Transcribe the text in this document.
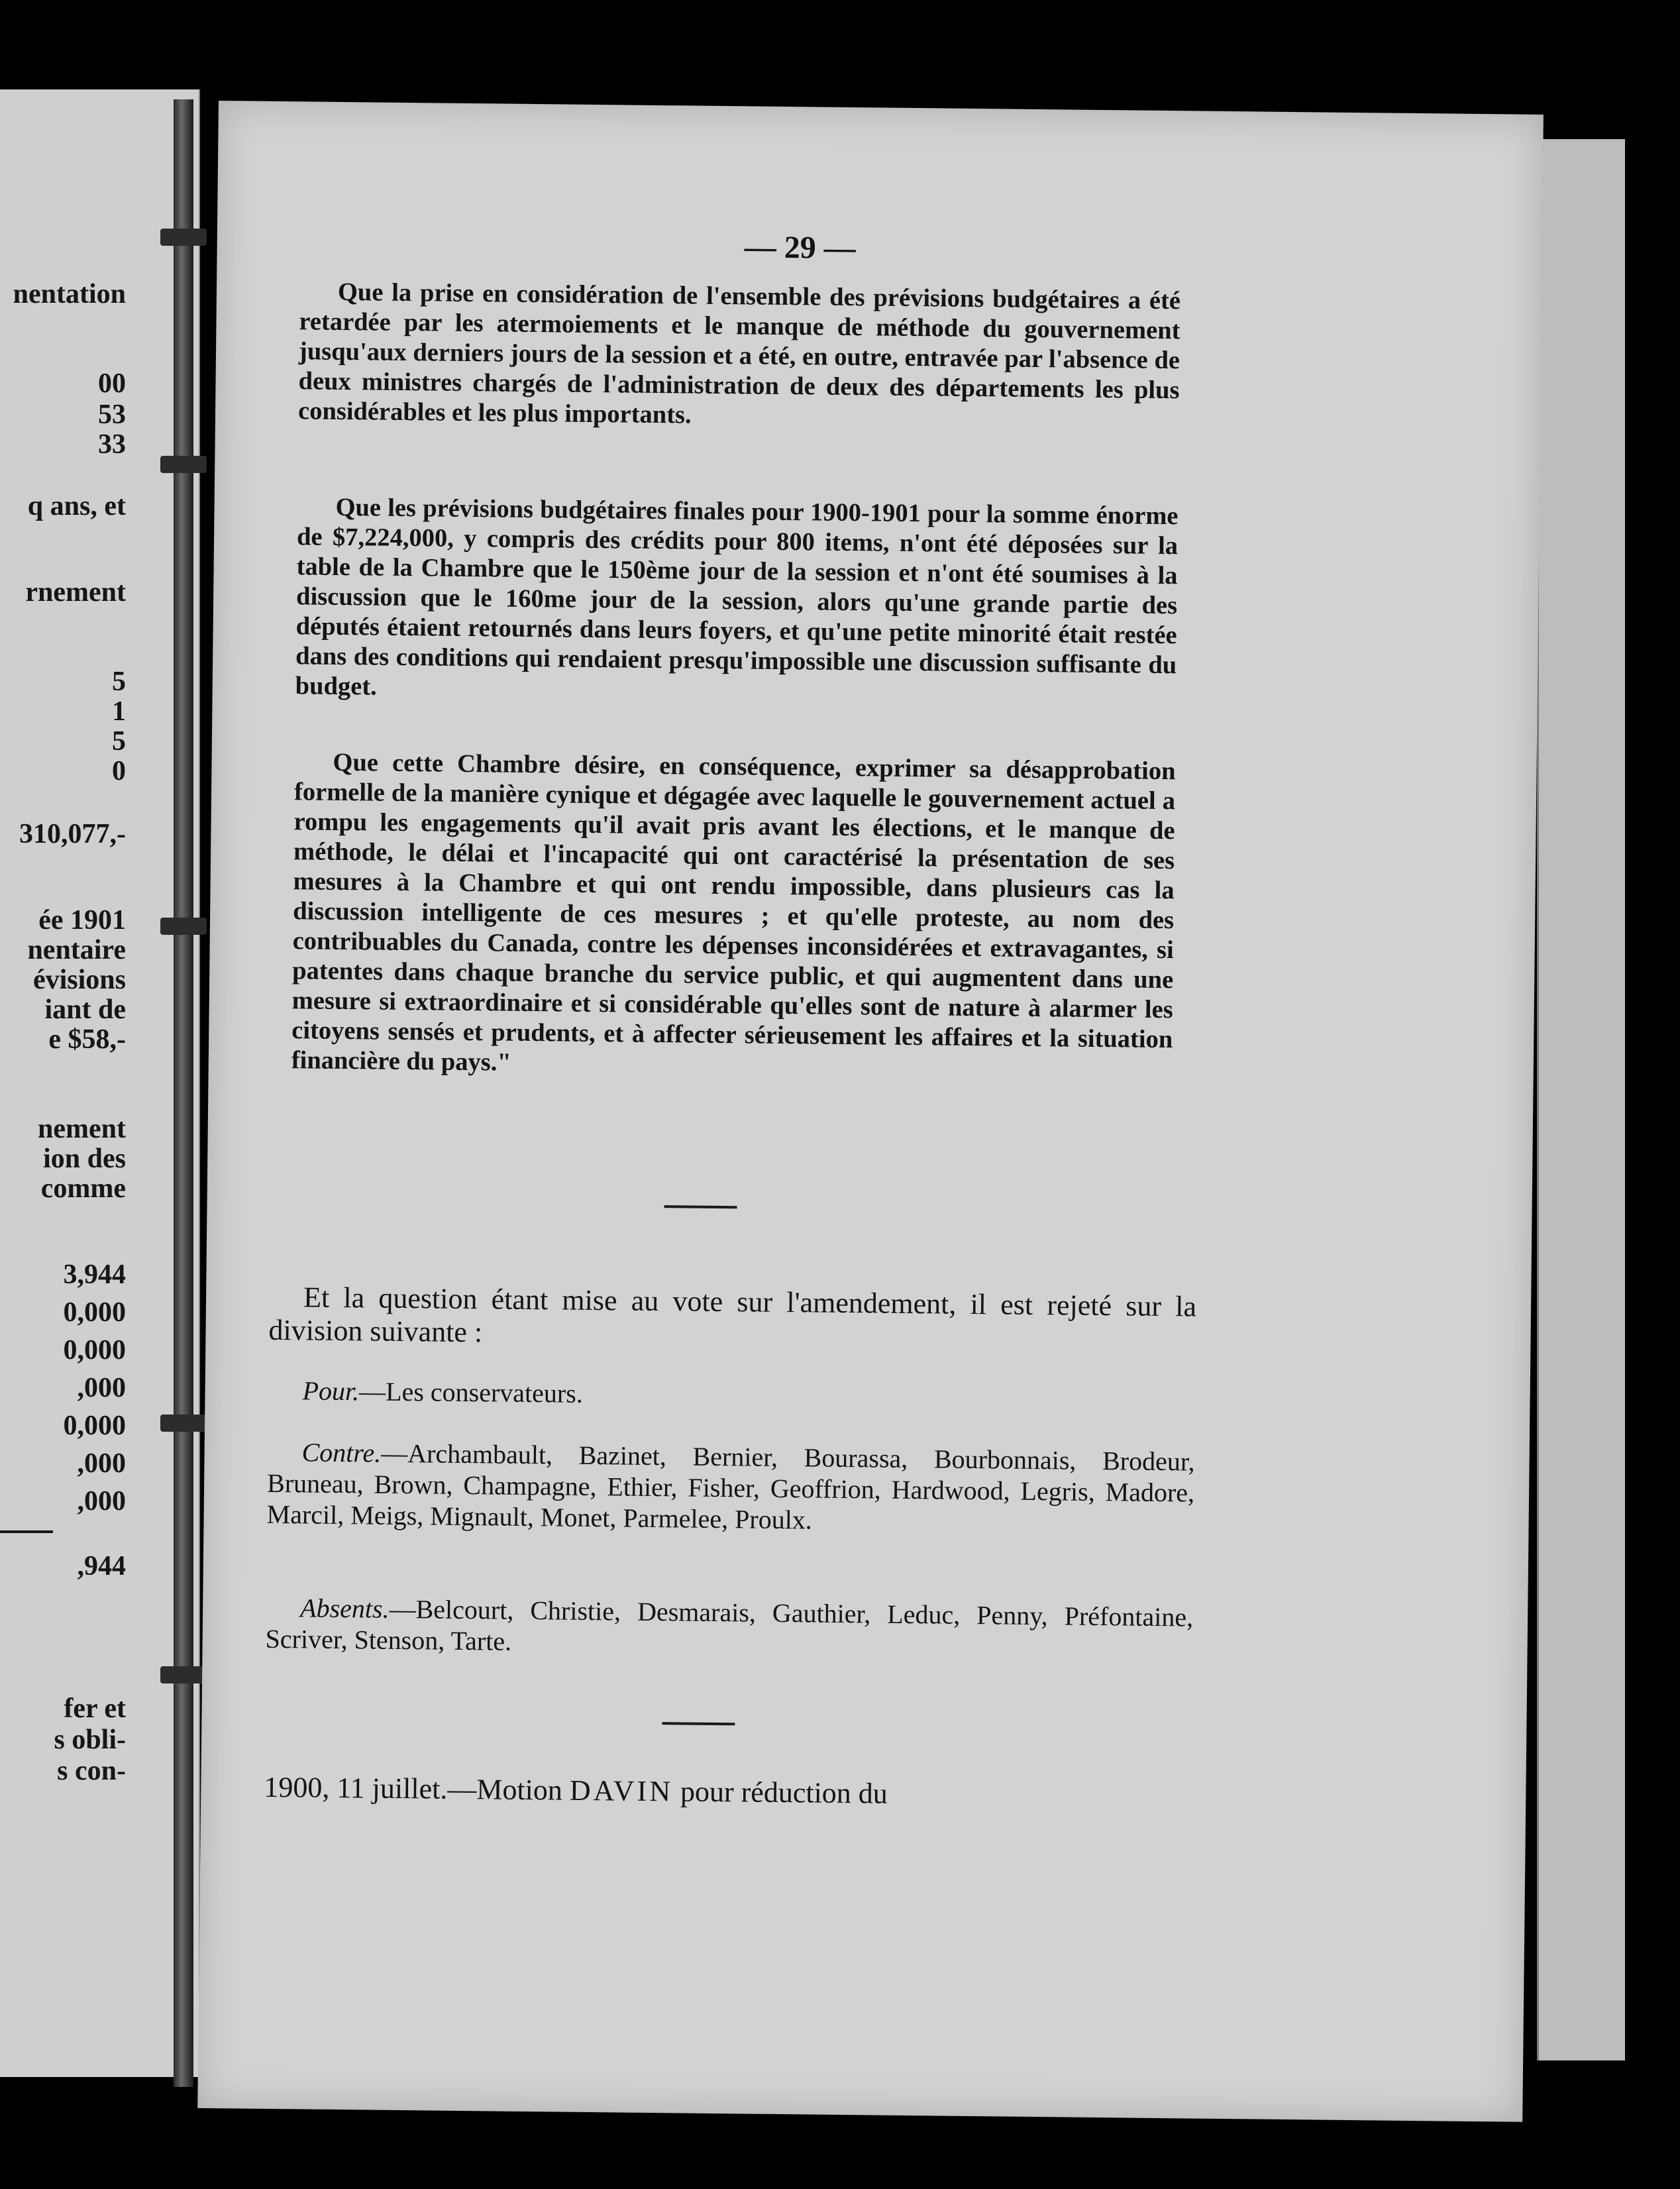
nentation
00
53
33
q ans, et
rnement
5
1
5
0
310,077,-
ée 1901
nentaire
évisions
iant de
e $58,-
nement
ion des
comme
3,944
0,000
0,000
,000
0,000
,000
,000
,944
fer et
s obli-
s con-
— 29 —

Que la prise en considération de l'ensemble des prévisions budgétaires a été retardée par les atermoiements et le manque de méthode du gouvernement jusqu'aux derniers jours de la session et a été, en outre, entravée par l'absence de deux ministres chargés de l'administration de deux des départements les plus considérables et les plus importants.

Que les prévisions budgétaires finales pour 1900-1901 pour la somme énorme de $7,224,000, y compris des crédits pour 800 items, n'ont été déposées sur la table de la Chambre que le 150ème jour de la session et n'ont été soumises à la discussion que le 160me jour de la session, alors qu'une grande partie des députés étaient retournés dans leurs foyers, et qu'une petite minorité était restée dans des conditions qui rendaient presqu'impossible une discussion suffisante du budget.

Que cette Chambre désire, en conséquence, exprimer sa désapprobation formelle de la manière cynique et dégagée avec laquelle le gouvernement actuel a rompu les engagements qu'il avait pris avant les élections, et le manque de méthode, le délai et l'incapacité qui ont caractérisé la présentation de ses mesures à la Chambre et qui ont rendu impossible, dans plusieurs cas la discussion intelligente de ces mesures ; et qu'elle proteste, au nom des contribuables du Canada, contre les dépenses inconsidérées et extravagantes, si patentes dans chaque branche du service public, et qui augmentent dans une mesure si extraordinaire et si considérable qu'elles sont de nature à alarmer les citoyens sensés et prudents, et à affecter sérieusement les affaires et la situation financière du pays."

Et la question étant mise au vote sur l'amendement, il est rejeté sur la division suivante :

Pour.—Les conservateurs.

Contre.—Archambault, Bazinet, Bernier, Bourassa, Bourbonnais, Brodeur, Bruneau, Brown, Champagne, Ethier, Fisher, Geoffrion, Hardwood, Legris, Madore, Marcil, Meigs, Mignault, Monet, Parmelee, Proulx.

Absents.—Belcourt, Christie, Desmarais, Gauthier, Leduc, Penny, Préfontaine, Scriver, Stenson, Tarte.

1900, 11 juillet.—Motion DAVIN pour réduction du
